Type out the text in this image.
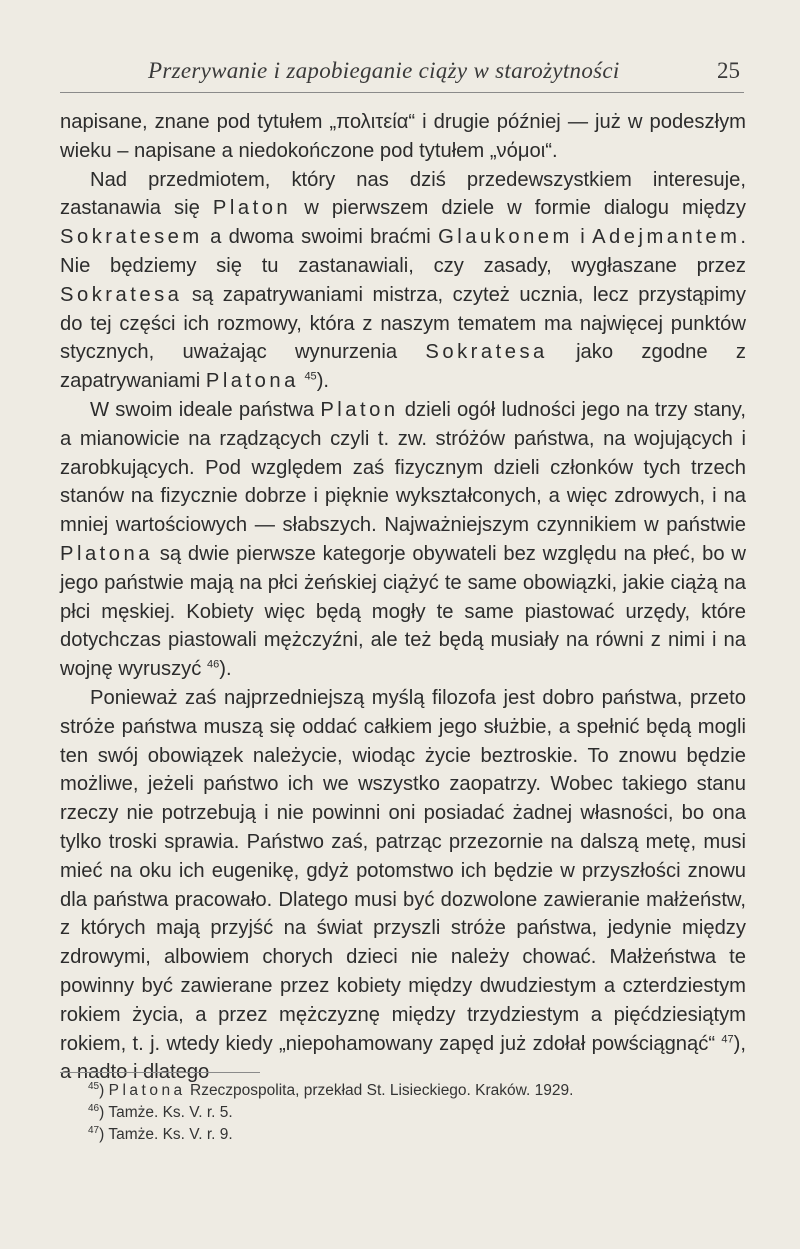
Przerywanie i zapobieganie ciąży w starożytności	25

napisane, znane pod tytułem „πολιτεία“ i drugie później — już w podeszłym wieku – napisane a niedokończone pod tytułem „νόμοι“.

Nad przedmiotem, który nas dziś przedewszystkiem interesuje, zastanawia się Platon w pierwszem dziele w formie dialogu między Sokratesem a dwoma swoimi braćmi Glaukonem i Adejmantem. Nie będziemy się tu zastanawiali, czy zasady, wygłaszane przez Sokratesa są zapatrywaniami mistrza, czyteż ucznia, lecz przystąpimy do tej części ich rozmowy, która z naszym tematem ma najwięcej punktów stycznych, uważając wynurzenia Sokratesa jako zgodne z zapatrywaniami Platona $^{45}$).

W swoim ideale państwa Platon dzieli ogół ludności jego na trzy stany, a mianowicie na rządzących czyli t. zw. stróżów państwa, na wojujących i zarobkujących. Pod względem zaś fizycznym dzieli członków tych trzech stanów na fizycznie dobrze i pięknie wykształconych, a więc zdrowych, i na mniej wartościowych — słabszych. Najważniejszym czynnikiem w państwie Platona są dwie pierwsze kategorje obywateli bez względu na płeć, bo w jego państwie mają na płci żeńskiej ciążyć te same obowiązki, jakie ciążą na płci męskiej. Kobiety więc będą mogły te same piastować urzędy, które dotychczas piastowali mężczyźni, ale też będą musiały na równi z nimi i na wojnę wyruszyć $^{46}$).

Ponieważ zaś najprzedniejszą myślą filozofa jest dobro państwa, przeto stróże państwa muszą się oddać całkiem jego służbie, a spełnić będą mogli ten swój obowiązek należycie, wiodąc życie beztroskie. To znowu będzie możliwe, jeżeli państwo ich we wszystko zaopatrzy. Wobec takiego stanu rzeczy nie potrzebują i nie powinni oni posiadać żadnej własności, bo ona tylko troski sprawia. Państwo zaś, patrząc przezornie na dalszą metę, musi mieć na oku ich eugenikę, gdyż potomstwo ich będzie w przyszłości znowu dla państwa pracowało. Dlatego musi być dozwolone zawieranie małżeństw, z których mają przyjść na świat przyszli stróże państwa, jedynie między zdrowymi, albowiem chorych dzieci nie należy chować. Małżeństwa te powinny być zawierane przez kobiety między dwudziestym a czterdziestym rokiem życia, a przez mężczyznę między trzydziestym a pięćdziesiątym rokiem, t. j. wtedy kiedy „niepohamowany zapęd już zdołał powściągnąć“ $^{47}$), a nadto i dlatego

$^{45}$) Platona Rzeczpospolita, przekład St. Lisieckiego. Kraków. 1929.
$^{46}$) Tamże. Ks. V. r. 5.
$^{47}$) Tamże. Ks. V. r. 9.
